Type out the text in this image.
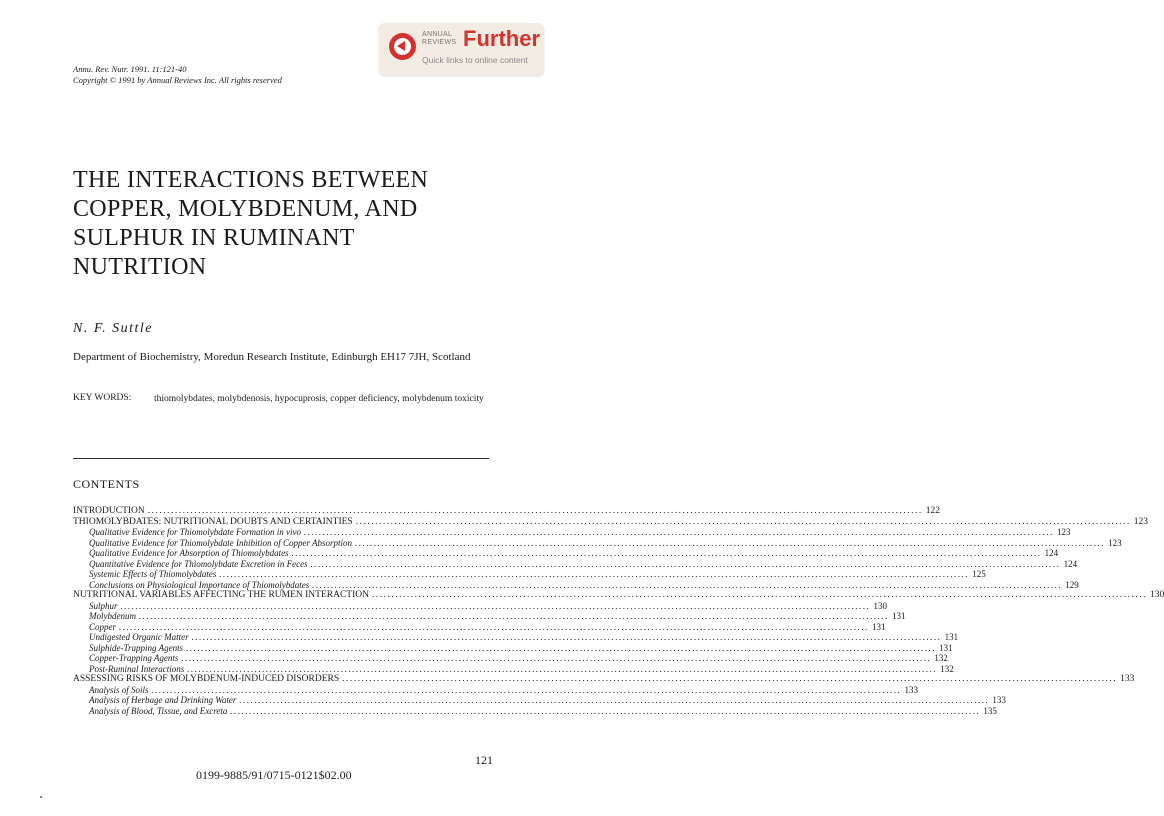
ANNUAL
REVIEWS Further
Quick links to online content
Annu. Rev. Nutr. 1991. 11:121-40
Copyright © 1991 by Annual Reviews Inc. All rights reserved
THE INTERACTIONS BETWEEN COPPER, MOLYBDENUM, AND SULPHUR IN RUMINANT NUTRITION
N. F. Suttle
Department of Biochemistry, Moredun Research Institute, Edinburgh EH17 7JH, Scotland
KEY WORDS: thiomolybdates, molybdenosis, hypocuprosis, copper deficiency, molybdenum toxicity
CONTENTS
INTRODUCTION ........................................................................................................................................................................................................ 122
THIOMOLYBDATES: NUTRITIONAL DOUBTS AND CERTAINTIES ........................................................................................................................................................................................................ 123
Qualitative Evidence for Thiomolybdate Formation in vivo ........................................................................................................................................................................................................ 123
Qualitative Evidence for Thiomolybdate Inhibition of Copper Absorption ........................................................................................................................................................................................................ 123
Qualitative Evidence for Absorption of Thiomolybdates ........................................................................................................................................................................................................ 124
Quantitative Evidence for Thiomolybdate Excretion in Feces ........................................................................................................................................................................................................ 124
Systemic Effects of Thiomolybdates ........................................................................................................................................................................................................ 125
Conclusions on Physiological Importance of Thiomolybdates ........................................................................................................................................................................................................ 129
NUTRITIONAL VARIABLES AFFECTING THE RUMEN INTERACTION ........................................................................................................................................................................................................ 130
Sulphur ........................................................................................................................................................................................................ 130
Molybdenum ........................................................................................................................................................................................................ 131
Copper ........................................................................................................................................................................................................ 131
Undigested Organic Matter ........................................................................................................................................................................................................ 131
Sulphide-Trapping Agents ........................................................................................................................................................................................................ 131
Copper-Trapping Agents ........................................................................................................................................................................................................ 132
Post-Ruminal Interactions ........................................................................................................................................................................................................ 132
ASSESSING RISKS OF MOLYBDENUM-INDUCED DISORDERS ........................................................................................................................................................................................................ 133
Analysis of Soils ........................................................................................................................................................................................................ 133
Analysis of Herbage and Drinking Water ........................................................................................................................................................................................................ 133
Analysis of Blood, Tissue, and Excreta ........................................................................................................................................................................................................ 135
121
0199-9885/91/0715-0121$02.00
